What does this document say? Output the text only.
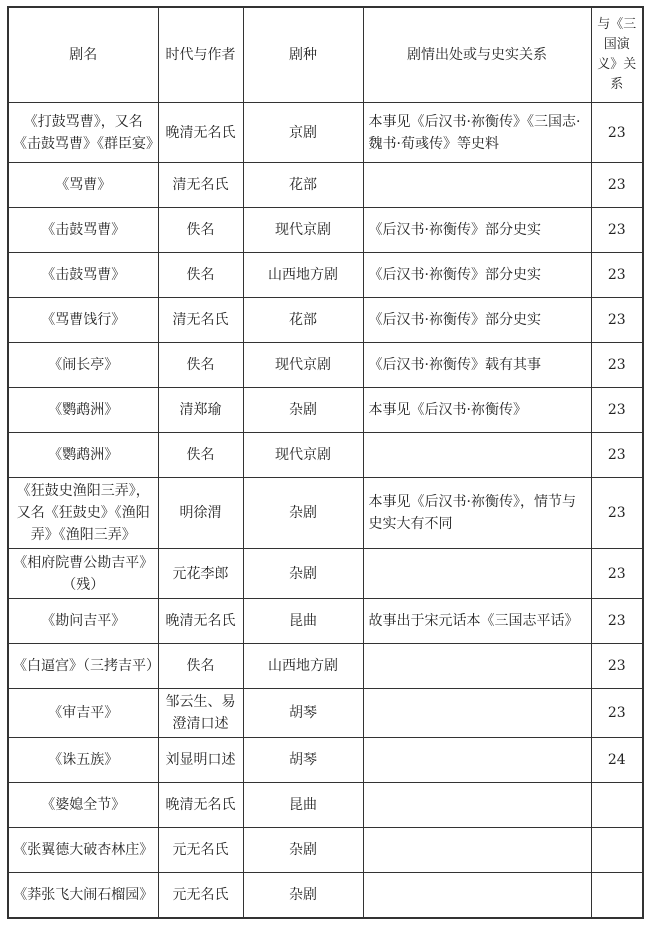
剧名	时代与作者	剧种	剧情出处或与史实关系	与《三国演义》关系
《打鼓骂曹》，又名《击鼓骂曹》《群臣宴》	晚清无名氏	京剧	本事见《后汉书·祢衡传》《三国志·魏书·荀彧传》等史料	23
《骂曹》	清无名氏	花部		23
《击鼓骂曹》	佚名	现代京剧	《后汉书·祢衡传》部分史实	23
《击鼓骂曹》	佚名	山西地方剧	《后汉书·祢衡传》部分史实	23
《骂曹饯行》	清无名氏	花部	《后汉书·祢衡传》部分史实	23
《闹长亭》	佚名	现代京剧	《后汉书·祢衡传》载有其事	23
《鹦鹉洲》	清郑瑜	杂剧	本事见《后汉书·祢衡传》	23
《鹦鹉洲》	佚名	现代京剧		23
《狂鼓史渔阳三弄》，又名《狂鼓史》《渔阳弄》《渔阳三弄》	明徐渭	杂剧	本事见《后汉书·祢衡传》，情节与史实大有不同	23
《相府院曹公勘吉平》（残）	元花李郎	杂剧		23
《勘问吉平》	晚清无名氏	昆曲	故事出于宋元话本《三国志平话》	23
《白逼宫》（三拷吉平）	佚名	山西地方剧		23
《审吉平》	邹云生、易澄清口述	胡琴		23
《诛五族》	刘显明口述	胡琴		24
《婆媳全节》	晚清无名氏	昆曲		
《张翼德大破杏林庄》	元无名氏	杂剧		
《莽张飞大闹石榴园》	元无名氏	杂剧		
